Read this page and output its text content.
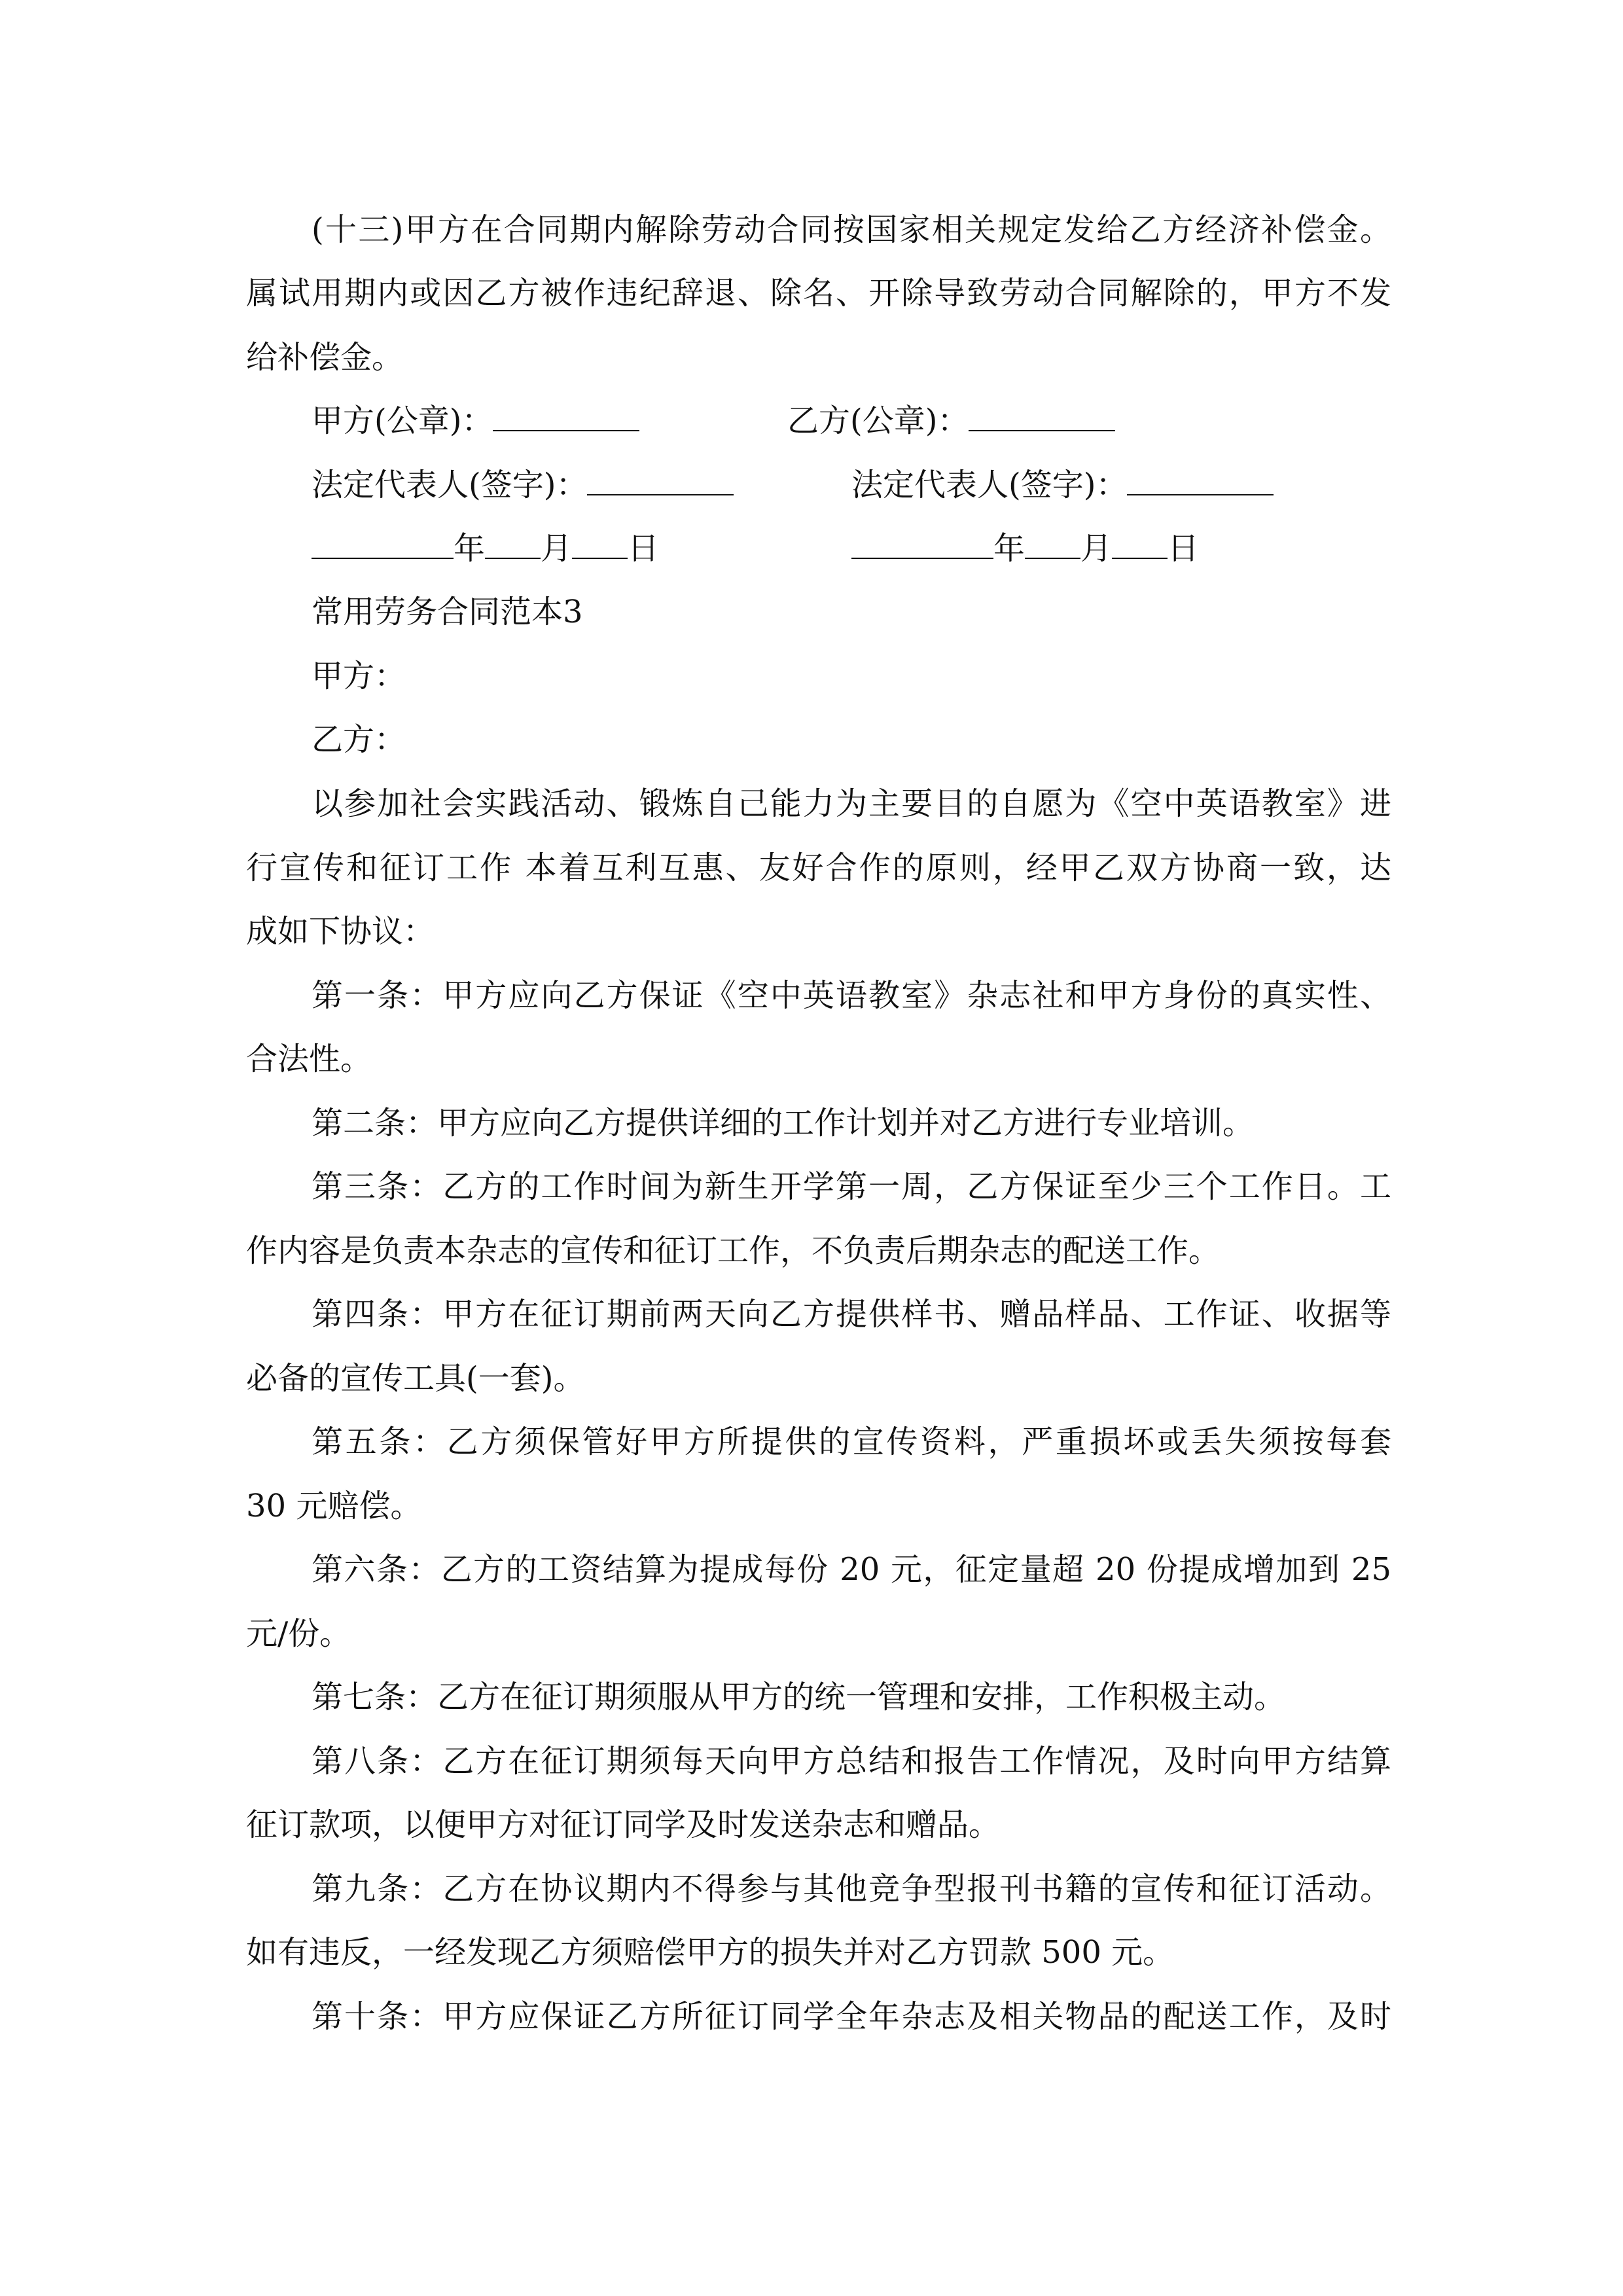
(十三)甲方在合同期内解除劳动合同按国家相关规定发给乙方经济补偿金。
属试用期内或因乙方被作违纪辞退、除名、开除导致劳动合同解除的，甲方不发
给补偿金。
甲方(公章)：	乙方(公章)：
法定代表人(签字)：	法定代表人(签字)：
年 月 日	年 月 日
常用劳务合同范本3
甲方：
乙方：
以参加社会实践活动、锻炼自己能力为主要目的自愿为《空中英语教室》进
行宣传和征订工作 本着互利互惠、友好合作的原则，经甲乙双方协商一致，达
成如下协议：
第一条：甲方应向乙方保证《空中英语教室》杂志社和甲方身份的真实性、
合法性。
第二条：甲方应向乙方提供详细的工作计划并对乙方进行专业培训。
第三条：乙方的工作时间为新生开学第一周，乙方保证至少三个工作日。工
作内容是负责本杂志的宣传和征订工作，不负责后期杂志的配送工作。
第四条：甲方在征订期前两天向乙方提供样书、赠品样品、工作证、收据等
必备的宣传工具(一套)。
第五条：乙方须保管好甲方所提供的宣传资料，严重损坏或丢失须按每套
30 元赔偿。
第六条：乙方的工资结算为提成每份 20 元，征定量超 20 份提成增加到 25
元/份。
第七条：乙方在征订期须服从甲方的统一管理和安排，工作积极主动。
第八条：乙方在征订期须每天向甲方总结和报告工作情况，及时向甲方结算
征订款项，以便甲方对征订同学及时发送杂志和赠品。
第九条：乙方在协议期内不得参与其他竞争型报刊书籍的宣传和征订活动。
如有违反，一经发现乙方须赔偿甲方的损失并对乙方罚款 500 元。
第十条：甲方应保证乙方所征订同学全年杂志及相关物品的配送工作，及时
